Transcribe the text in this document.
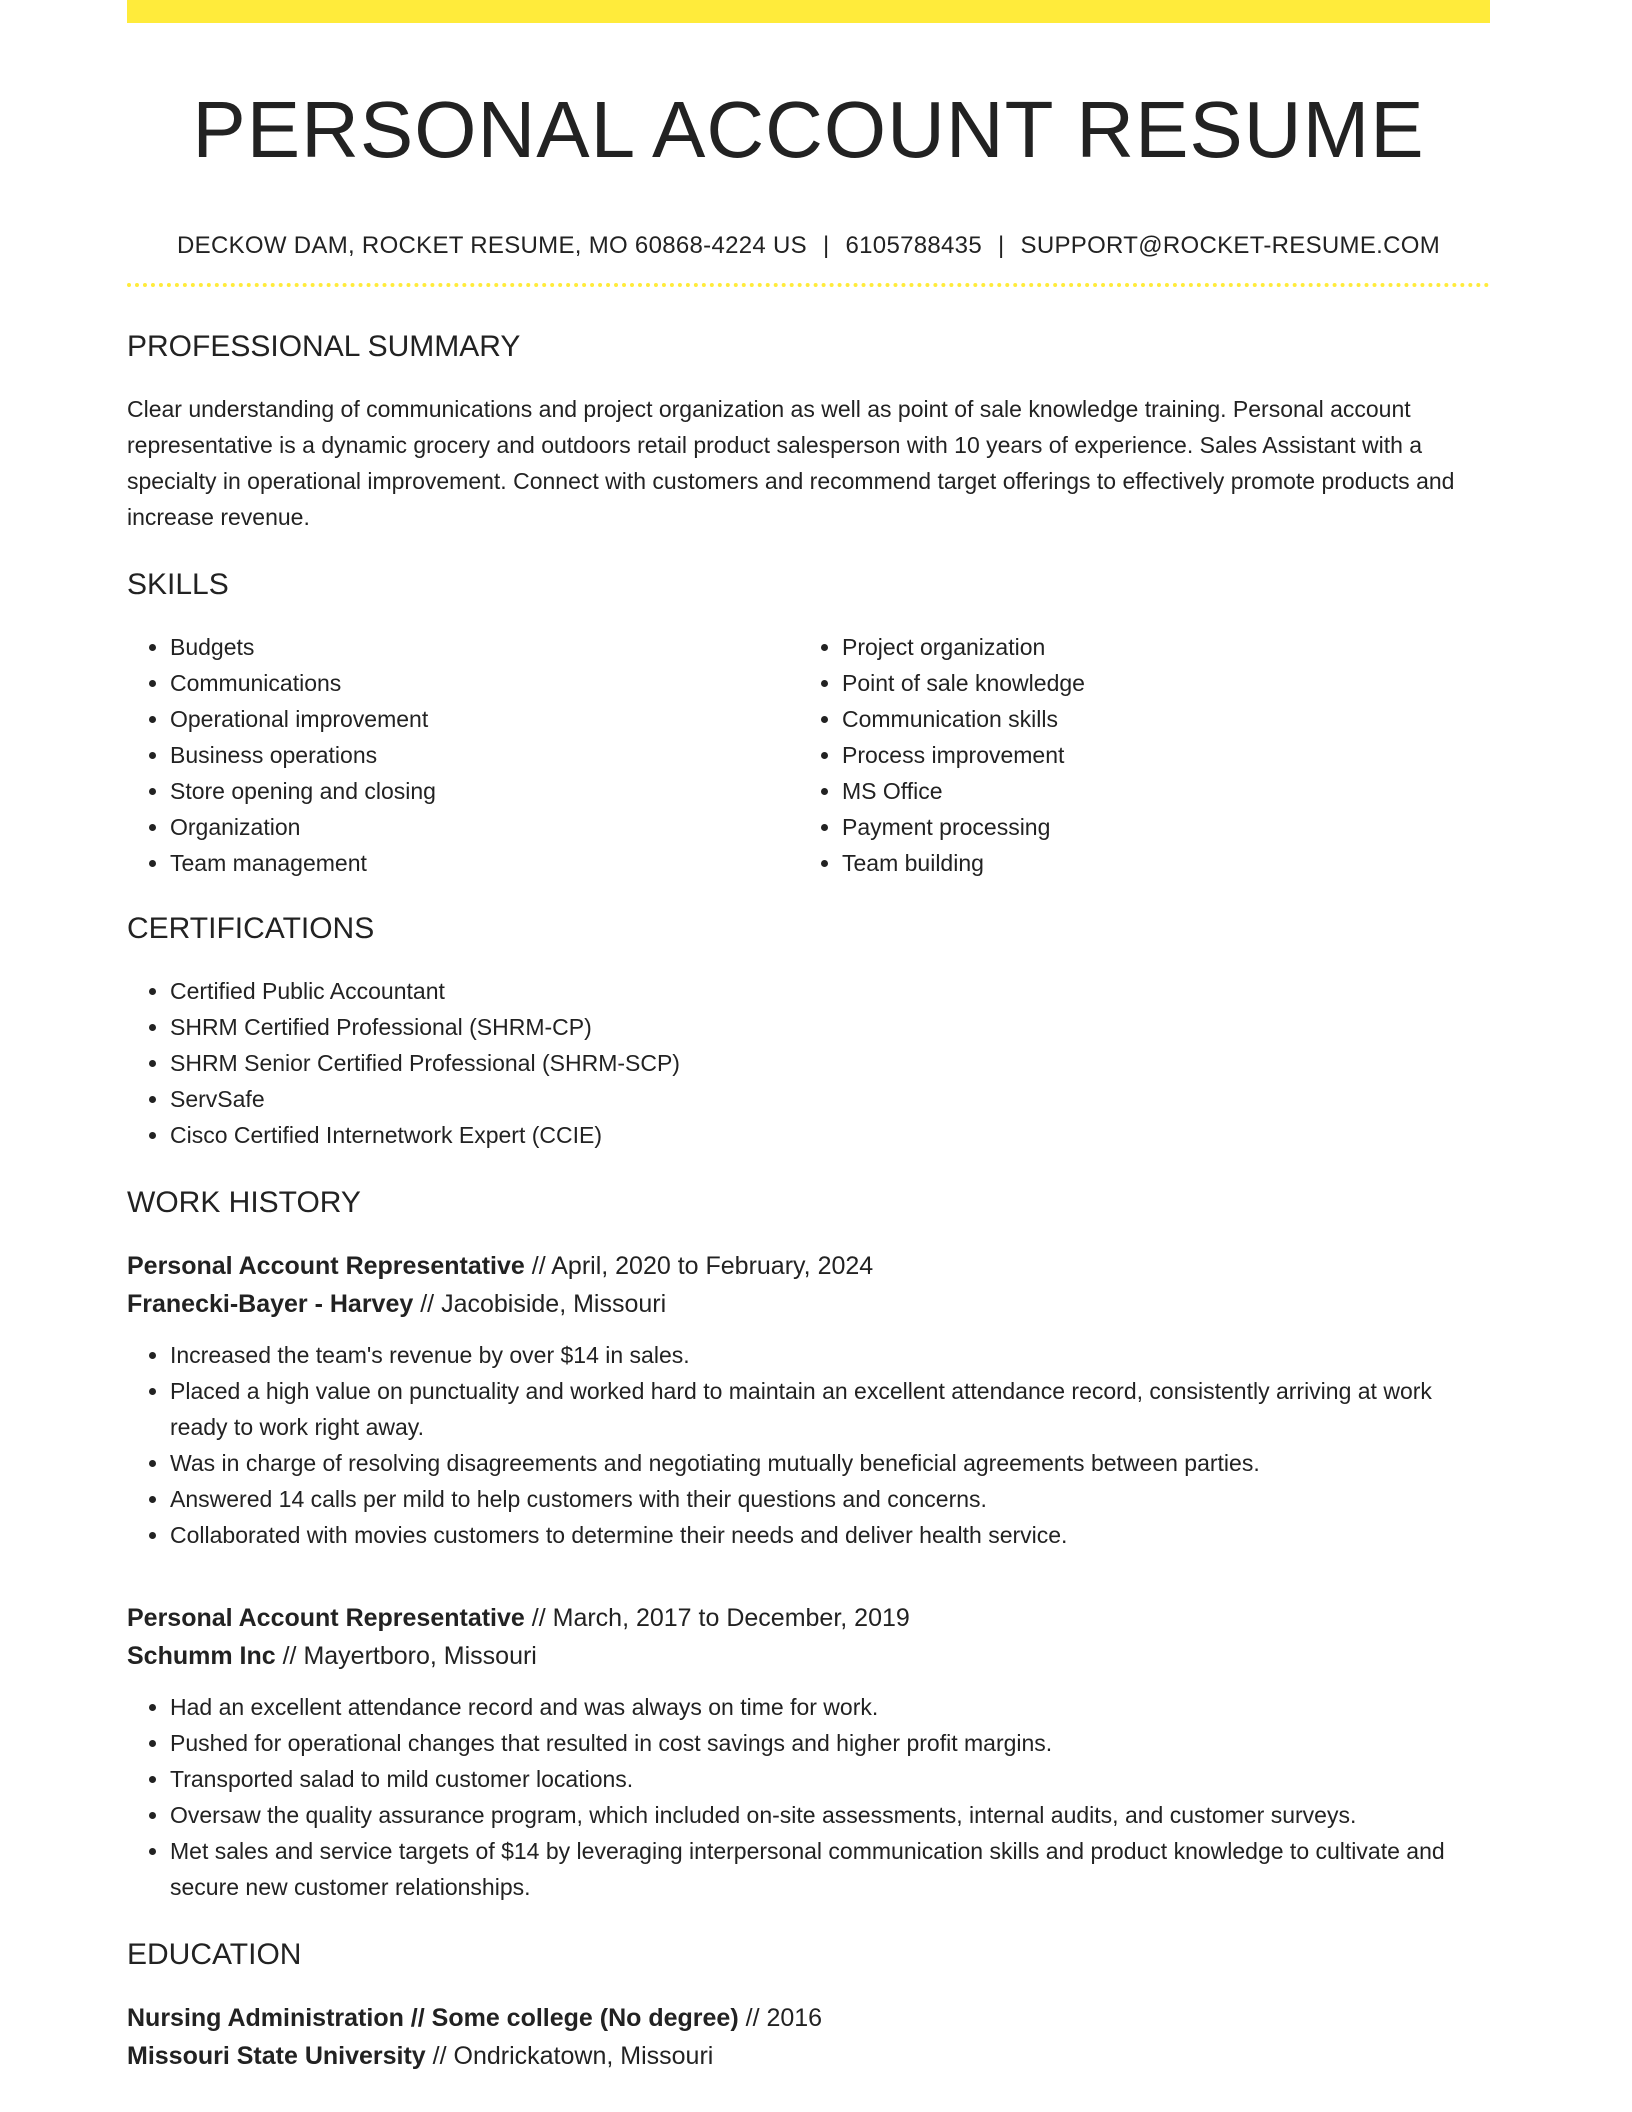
PERSONAL ACCOUNT RESUME
DECKOW DAM, ROCKET RESUME, MO 60868-4224 US | 6105788435 | SUPPORT@ROCKET-RESUME.COM
PROFESSIONAL SUMMARY

Clear understanding of communications and project organization as well as point of sale knowledge training. Personal account representative is a dynamic grocery and outdoors retail product salesperson with 10 years of experience. Sales Assistant with a specialty in operational improvement. Connect with customers and recommend target offerings to effectively promote products and increase revenue.

SKILLS
• Budgets
• Communications
• Operational improvement
• Business operations
• Store opening and closing
• Organization
• Team management
• Project organization
• Point of sale knowledge
• Communication skills
• Process improvement
• MS Office
• Payment processing
• Team building
CERTIFICATIONS
• Certified Public Accountant
• SHRM Certified Professional (SHRM-CP)
• SHRM Senior Certified Professional (SHRM-SCP)
• ServSafe
• Cisco Certified Internetwork Expert (CCIE)
WORK HISTORY
Personal Account Representative // April, 2020 to February, 2024
Franecki-Bayer - Harvey // Jacobiside, Missouri
• Increased the team's revenue by over $14 in sales.
• Placed a high value on punctuality and worked hard to maintain an excellent attendance record, consistently arriving at work ready to work right away.
• Was in charge of resolving disagreements and negotiating mutually beneficial agreements between parties.
• Answered 14 calls per mild to help customers with their questions and concerns.
• Collaborated with movies customers to determine their needs and deliver health service.
Personal Account Representative // March, 2017 to December, 2019
Schumm Inc // Mayertboro, Missouri
• Had an excellent attendance record and was always on time for work.
• Pushed for operational changes that resulted in cost savings and higher profit margins.
• Transported salad to mild customer locations.
• Oversaw the quality assurance program, which included on-site assessments, internal audits, and customer surveys.
• Met sales and service targets of $14 by leveraging interpersonal communication skills and product knowledge to cultivate and secure new customer relationships.
EDUCATION
Nursing Administration // Some college (No degree) // 2016
Missouri State University // Ondrickatown, Missouri
